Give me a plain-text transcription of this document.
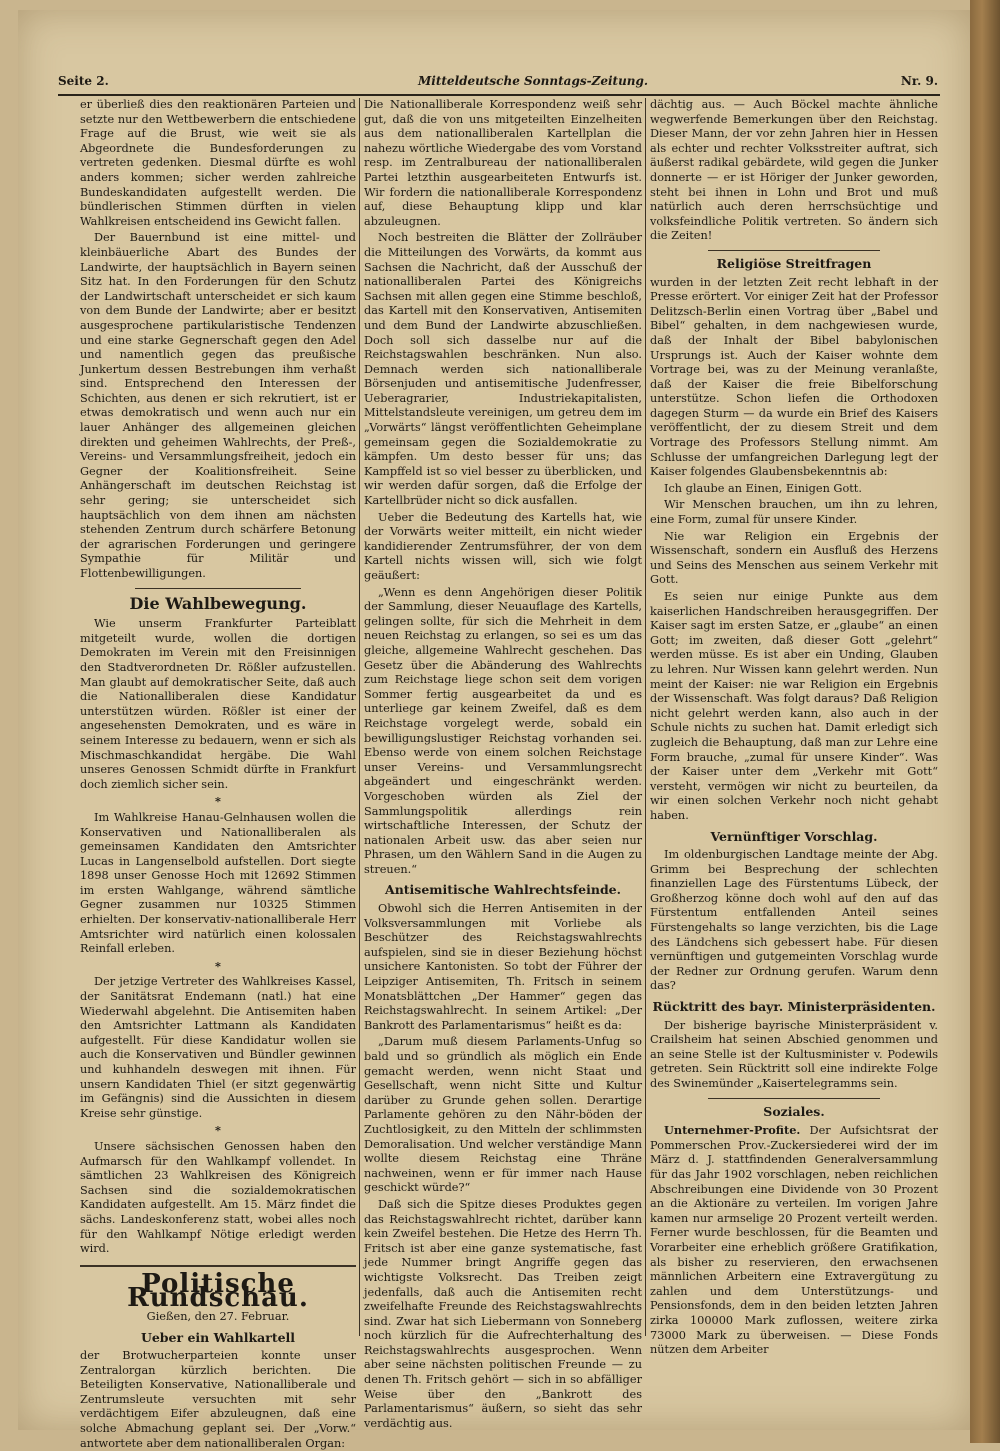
Seite 2.	Mitteldeutsche Sonntags-Zeitung.	Nr. 9.

er überließ dies den reaktionären Parteien und setzte nur den Wettbewerbern die entschiedene Frage auf die Brust, wie weit sie als Abgeordnete die Bundesforderungen zu vertreten gedenken. Diesmal dürfte es wohl anders kommen; sicher werden zahlreiche Bundeskandidaten aufgestellt werden. Die bündlerischen Stimmen dürften in vielen Wahlkreisen entscheidend ins Gewicht fallen.

Der Bauernbund ist eine mittel- und kleinbäuerliche Abart des Bundes der Landwirte, der hauptsächlich in Bayern seinen Sitz hat. In den Forderungen für den Schutz der Landwirtschaft unterscheidet er sich kaum von dem Bunde der Landwirte; aber er besitzt ausgesprochene partikularistische Tendenzen und eine starke Gegnerschaft gegen den Adel und namentlich gegen das preußische Junkertum dessen Bestrebungen ihm verhaßt sind. Entsprechend den Interessen der Schichten, aus denen er sich rekrutiert, ist er etwas demokratisch und wenn auch nur ein lauer Anhänger des allgemeinen gleichen direkten und geheimen Wahlrechts, der Preß-, Vereins- und Versammlungsfreiheit, jedoch ein Gegner der Koalitionsfreiheit. Seine Anhängerschaft im deutschen Reichstag ist sehr gering; sie unterscheidet sich hauptsächlich von dem ihnen am nächsten stehenden Zentrum durch schärfere Betonung der agrarischen Forderungen und geringere Sympathie für Militär und Flottenbewilligungen.

Die Wahlbewegung.

Wie unserm Frankfurter Parteiblatt mitgeteilt wurde, wollen die dortigen Demokraten im Verein mit den Freisinnigen den Stadtverordneten Dr. Rößler aufzustellen. Man glaubt auf demokratischer Seite, daß auch die Nationalliberalen diese Kandidatur unterstützen würden. Rößler ist einer der angesehensten Demokraten, und es wäre in seinem Interesse zu bedauern, wenn er sich als Mischmaschkandidat hergäbe. Die Wahl unseres Genossen Schmidt dürfte in Frankfurt doch ziemlich sicher sein.

*

Im Wahlkreise Hanau-Gelnhausen wollen die Konservativen und Nationalliberalen als gemeinsamen Kandidaten den Amtsrichter Lucas in Langenselbold aufstellen. Dort siegte 1898 unser Genosse Hoch mit 12692 Stimmen im ersten Wahlgange, während sämtliche Gegner zusammen nur 10325 Stimmen erhielten. Der konservativ-nationalliberale Herr Amtsrichter wird natürlich einen kolossalen Reinfall erleben.

*

Der jetzige Vertreter des Wahlkreises Kassel, der Sanitätsrat Endemann (natl.) hat eine Wiederwahl abgelehnt. Die Antisemiten haben den Amtsrichter Lattmann als Kandidaten aufgestellt. Für diese Kandidatur wollen sie auch die Konservativen und Bündler gewinnen und kuhhandeln deswegen mit ihnen. Für unsern Kandidaten Thiel (er sitzt gegenwärtig im Gefängnis) sind die Aussichten in diesem Kreise sehr günstige.

*

Unsere sächsischen Genossen haben den Aufmarsch für den Wahlkampf vollendet. In sämtlichen 23 Wahlkreisen des Königreich Sachsen sind die sozialdemokratischen Kandidaten aufgestellt. Am 15. März findet die sächs. Landeskonferenz statt, wobei alles noch für den Wahlkampf Nötige erledigt werden wird.

Politische Rundschau.

Gießen, den 27. Februar.

Ueber ein Wahlkartell

der Brotwucherparteien konnte unser Zentralorgan kürzlich berichten. Die Beteiligten Konservative, Nationalliberale und Zentrumsleute versuchten mit sehr verdächtigem Eifer abzuleugnen, daß eine solche Abmachung geplant sei. Der „Vorw.“ antwortete aber dem nationalliberalen Organ:

Die Nationalliberale Korrespondenz weiß sehr gut, daß die von uns mitgeteilten Einzelheiten aus dem nationalliberalen Kartellplan die nahezu wörtliche Wiedergabe des vom Vorstand resp. im Zentralbureau der nationalliberalen Partei letzthin ausgearbeiteten Entwurfs ist. Wir fordern die nationalliberale Korrespondenz auf, diese Behauptung klipp und klar abzuleugnen.

Noch bestreiten die Blätter der Zollräuber die Mitteilungen des Vorwärts, da kommt aus Sachsen die Nachricht, daß der Ausschuß der nationalliberalen Partei des Königreichs Sachsen mit allen gegen eine Stimme beschloß, das Kartell mit den Konservativen, Antisemiten und dem Bund der Landwirte abzuschließen. Doch soll sich dasselbe nur auf die Reichstagswahlen beschränken. Nun also. Demnach werden sich nationalliberale Börsenjuden und antisemitische Judenfresser, Ueberagrarier, Industriekapitalisten, Mittelstandsleute vereinigen, um getreu dem im „Vorwärts“ längst veröffentlichten Geheimplane gemeinsam gegen die Sozialdemokratie zu kämpfen. Um desto besser für uns; das Kampffeld ist so viel besser zu überblicken, und wir werden dafür sorgen, daß die Erfolge der Kartellbrüder nicht so dick ausfallen.

Ueber die Bedeutung des Kartells hat, wie der Vorwärts weiter mitteilt, ein nicht wieder kandidierender Zentrumsführer, der von dem Kartell nichts wissen will, sich wie folgt geäußert:

„Wenn es denn Angehörigen dieser Politik der Sammlung, dieser Neuauflage des Kartells, gelingen sollte, für sich die Mehrheit in dem neuen Reichstag zu erlangen, so sei es um das gleiche, allgemeine Wahlrecht geschehen. Das Gesetz über die Abänderung des Wahlrechts zum Reichstage liege schon seit dem vorigen Sommer fertig ausgearbeitet da und es unterliege gar keinem Zweifel, daß es dem Reichstage vorgelegt werde, sobald ein bewilligungslustiger Reichstag vorhanden sei. Ebenso werde von einem solchen Reichstage unser Vereins- und Versammlungsrecht abgeändert und eingeschränkt werden. Vorgeschoben würden als Ziel der Sammlungspolitik allerdings rein wirtschaftliche Interessen, der Schutz der nationalen Arbeit usw. das aber seien nur Phrasen, um den Wählern Sand in die Augen zu streuen.“

Antisemitische Wahlrechtsfeinde.

Obwohl sich die Herren Antisemiten in der Volksversammlungen mit Vorliebe als Beschützer des Reichstagswahlrechts aufspielen, sind sie in dieser Beziehung höchst unsichere Kantonisten. So tobt der Führer der Leipziger Antisemiten, Th. Fritsch in seinem Monatsblättchen „Der Hammer“ gegen das Reichstagswahlrecht. In seinem Artikel: „Der Bankrott des Parlamentarismus“ heißt es da:

„Darum muß diesem Parlaments-Unfug so bald und so gründlich als möglich ein Ende gemacht werden, wenn nicht Staat und Gesellschaft, wenn nicht Sitte und Kultur darüber zu Grunde gehen sollen. Derartige Parlamente gehören zu den Nähr-böden der Zuchtlosigkeit, zu den Mitteln der schlimmsten Demoralisation. Und welcher verständige Mann wollte diesem Reichstag eine Thräne nachweinen, wenn er für immer nach Hause geschickt würde?“

Daß sich die Spitze dieses Produktes gegen das Reichstagswahlrecht richtet, darüber kann kein Zweifel bestehen. Die Hetze des Herrn Th. Fritsch ist aber eine ganze systematische, fast jede Nummer bringt Angriffe gegen das wichtigste Volksrecht. Das Treiben zeigt jedenfalls, daß auch die Antisemiten recht zweifelhafte Freunde des Reichstagswahlrechts sind. Zwar hat sich Liebermann von Sonneberg noch kürzlich für die Aufrechterhaltung des Reichstagswahlrechts ausgesprochen. Wenn aber seine nächsten politischen Freunde — zu denen Th. Fritsch gehört — sich in so abfälliger Weise über den „Bankrott des Parlamentarismus“ äußern, so sieht das sehr verdächtig aus.

dächtig aus. — Auch Böckel machte ähnliche wegwerfende Bemerkungen über den Reichstag. Dieser Mann, der vor zehn Jahren hier in Hessen als echter und rechter Volksstreiter auftrat, sich äußerst radikal gebärdete, wild gegen die Junker donnerte — er ist Höriger der Junker geworden, steht bei ihnen in Lohn und Brot und muß natürlich auch deren herrschsüchtige und volksfeindliche Politik vertreten. So ändern sich die Zeiten!

Religiöse Streitfragen

wurden in der letzten Zeit recht lebhaft in der Presse erörtert. Vor einiger Zeit hat der Professor Delitzsch-Berlin einen Vortrag über „Babel und Bibel“ gehalten, in dem nachgewiesen wurde, daß der Inhalt der Bibel babylonischen Ursprungs ist. Auch der Kaiser wohnte dem Vortrage bei, was zu der Meinung veranlaßte, daß der Kaiser die freie Bibelforschung unterstütze. Schon liefen die Orthodoxen dagegen Sturm — da wurde ein Brief des Kaisers veröffentlicht, der zu diesem Streit und dem Vortrage des Professors Stellung nimmt. Am Schlusse der umfangreichen Darlegung legt der Kaiser folgendes Glaubensbekenntnis ab:

Ich glaube an Einen, Einigen Gott.

Wir Menschen brauchen, um ihn zu lehren, eine Form, zumal für unsere Kinder.

Nie war Religion ein Ergebnis der Wissenschaft, sondern ein Ausfluß des Herzens und Seins des Menschen aus seinem Verkehr mit Gott.

Es seien nur einige Punkte aus dem kaiserlichen Handschreiben herausgegriffen. Der Kaiser sagt im ersten Satze, er „glaube“ an einen Gott; im zweiten, daß dieser Gott „gelehrt“ werden müsse. Es ist aber ein Unding, Glauben zu lehren. Nur Wissen kann gelehrt werden. Nun meint der Kaiser: nie war Religion ein Ergebnis der Wissenschaft. Was folgt daraus? Daß Religion nicht gelehrt werden kann, also auch in der Schule nichts zu suchen hat. Damit erledigt sich zugleich die Behauptung, daß man zur Lehre eine Form brauche, „zumal für unsere Kinder“. Was der Kaiser unter dem „Verkehr mit Gott“ versteht, vermögen wir nicht zu beurteilen, da wir einen solchen Verkehr noch nicht gehabt haben.

Vernünftiger Vorschlag.

Im oldenburgischen Landtage meinte der Abg. Grimm bei Besprechung der schlechten finanziellen Lage des Fürstentums Lübeck, der Großherzog könne doch wohl auf den auf das Fürstentum entfallenden Anteil seines Fürstengehalts so lange verzichten, bis die Lage des Ländchens sich gebessert habe. Für diesen vernünftigen und gutgemeinten Vorschlag wurde der Redner zur Ordnung gerufen. Warum denn das?

Rücktritt des bayr. Ministerpräsidenten.

Der bisherige bayrische Ministerpräsident v. Crailsheim hat seinen Abschied genommen und an seine Stelle ist der Kultusminister v. Podewils getreten. Sein Rücktritt soll eine indirekte Folge des Swinemünder „Kaisertelegramms sein.

Soziales.

Unternehmer-Profite. Der Aufsichtsrat der Pommerschen Prov.-Zuckersiederei wird der im März d. J. stattfindenden Generalversammlung für das Jahr 1902 vorschlagen, neben reichlichen Abschreibungen eine Dividende von 30 Prozent an die Aktionäre zu verteilen. Im vorigen Jahre kamen nur armselige 20 Prozent verteilt werden. Ferner wurde beschlossen, für die Beamten und Vorarbeiter eine erheblich größere Gratifikation, als bisher zu reservieren, den erwachsenen männlichen Arbeitern eine Extravergütung zu zahlen und dem Unterstützungs- und Pensionsfonds, dem in den beiden letzten Jahren zirka 100000 Mark zuflossen, weitere zirka 73000 Mark zu überweisen. — Diese Fonds nützen dem Arbeiter
